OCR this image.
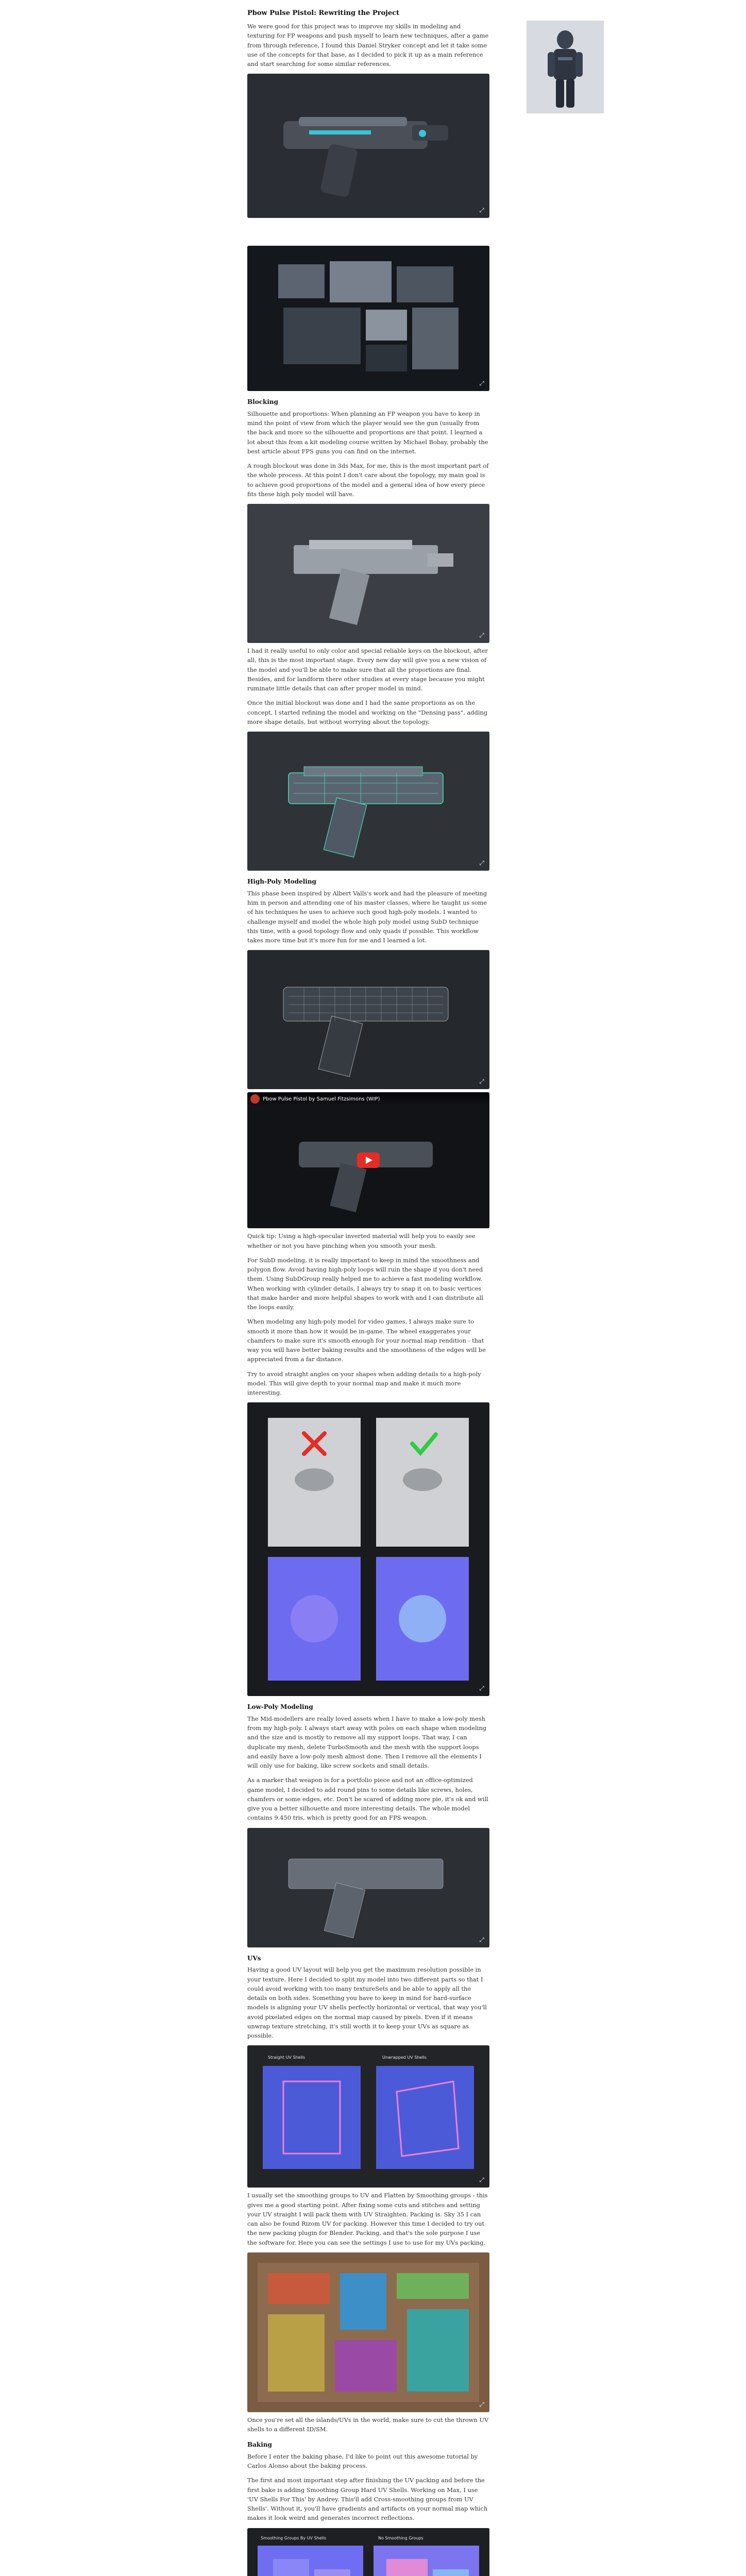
Pbow Pulse Pistol: Rewriting the Project

We were good for this project was to improve my skills in modeling and texturing for FP weapons and push myself to learn new techniques, after a game from through reference, I found this Daniel Stryker concept and let it take some use of the concepts for that base, as I decided to pick it up as a main reference and start searching for some similar references.

⤢
⤢
Blocking

Silhouette and proportions: When planning an FP weapon you have to keep in mind the point of view from which the player would see the gun (usually from the back and more so the silhouette and proportions are that point. I learned a lot about this from a kit modeling course written by Michael Bobay, probably the best article about FPS guns you can find on the internet.

A rough blockout was done in 3ds Max, for me, this is the most important part of the whole process. At this point I don't care about the topology, my main goal is to achieve good proportions of the model and a general idea of how every piece fits these high poly model will have.

⤢

I had it really useful to only color and special reliable keys on the blockout, after all, this is the most important stage. Every new day will give you a new vision of the model and you'll be able to make sure that all the proportions are final. Besides, and for landform there other studies at every stage because you might ruminate little details that can after proper model in mind.

Once the initial blockout was done and I had the same proportions as on the concept, I started refining the model and working on the "Densing pass", adding more shape details, but without worrying about the topology.

⤢
High-Poly Modeling

This phase been inspired by Albert Valls's work and had the pleasure of meeting him in person and attending one of his master classes, where he taught us some of his techniques he uses to achieve such good high-poly models. I wanted to challenge myself and model the whole high poly model using SubD technique this time, with a good topology flow and only quads if possible. This workflow takes more time but it's more fun for me and I learned a lot.

⤢
Pbow Pulse Pistol by Samuel Fitzsimons (WIP)

Quick tip: Using a high-specular inverted material will help you to easily see whether or not you have pinching when you smooth your mesh.

For SubD modeling, it is really important to keep in mind the smoothness and polygon flow. Avoid having high-poly loops will ruin the shape if you don't need them. Using SubDGroup really helped me to achieve a fast modeling workflow. When working with cylinder details, I always try to snap it on to basic vertices that make harder and more helpful shapes to work with and I can distribute all the loops easily.

When modeling any high-poly model for video games, I always make sure to smooth it more than how it would be in-game. The wheel exaggerates your chamfers to make sure it's smooth enough for your normal map rendition - that way you will have better baking results and the smoothness of the edges will be appreciated from a far distance.

Try to avoid straight angles on your shapes when adding details to a high-poly model. This will give depth to your normal map and make it much more interesting.

⤢
Low-Poly Modeling

The Mid-modellers are really loved assets when I have to make a low-poly mesh from my high-poly. I always start away with poles on each shape when modeling and the size and is mostly to remove all my support loops. That way, I can duplicate my mesh, delete TurboSmooth and the mesh with the support loops and easily have a low-poly mesh almost done. Then I remove all the elements I will only use for baking, like screw sockets and small details.

As a marker that weapon is for a portfolio piece and not an office-optimized game model, I decided to add round pins to some details like screws, holes, chamfers or some edges, etc. Don't be scared of adding more pie, it's ok and will give you a better silhouette and more interesting details. The whole model contains 9.450 tris, which is pretty good for an FPS weapon.

⤢
UVs

Having a good UV layout will help you get the maximum resolution possible in your texture. Here I decided to split my model into two different parts so that I could avoid working with too many textureSets and be able to apply all the details on both sides. Something you have to keep in mind for hard-surface models is aligning your UV shells perfectly horizontal or vertical, that way you'll avoid pixelated edges on the normal map caused by pixels. Even if it means unwrap texture stretching, it's still worth it to keep your UVs as square as possible.

Straight UV Shells	Unwrapped UV Shells
⤢

I usually set the smoothing groups to UV and Flatten by Smoothing groups - this gives me a good starting point. After fixing some cuts and stitches and setting your UV straight I will pack them with UV Straighten. Packing is. Sky 35 I can can also be found Rizom UV for packing. However this time I decided to try out the new packing plugin for Blender. Packing, and that's the sole purpose I use the software for. Here you can see the settings I use to use for my UVs packing.

⤢

Once you're set all the islands/UVs in the world, make sure to cut the thrown UV shells to a different ID/SM.

Baking

Before I enter the baking phase, I'd like to point out this awesome tutorial by Carlos Alonso about the baking process.

The first and most important step after finishing the UV packing and before the first bake is adding Smoothing Group Hard UV Shells. Working on Max, I use 'UV Shells For This' by Andrey. This'll add Cross-smoothing groups from UV Shells'. Without it, you'll have gradients and artifacts on your normal map which makes it look weird and generates incorrect reflections.

Smoothing Groups By UV Shells	No Smoothing Groups
